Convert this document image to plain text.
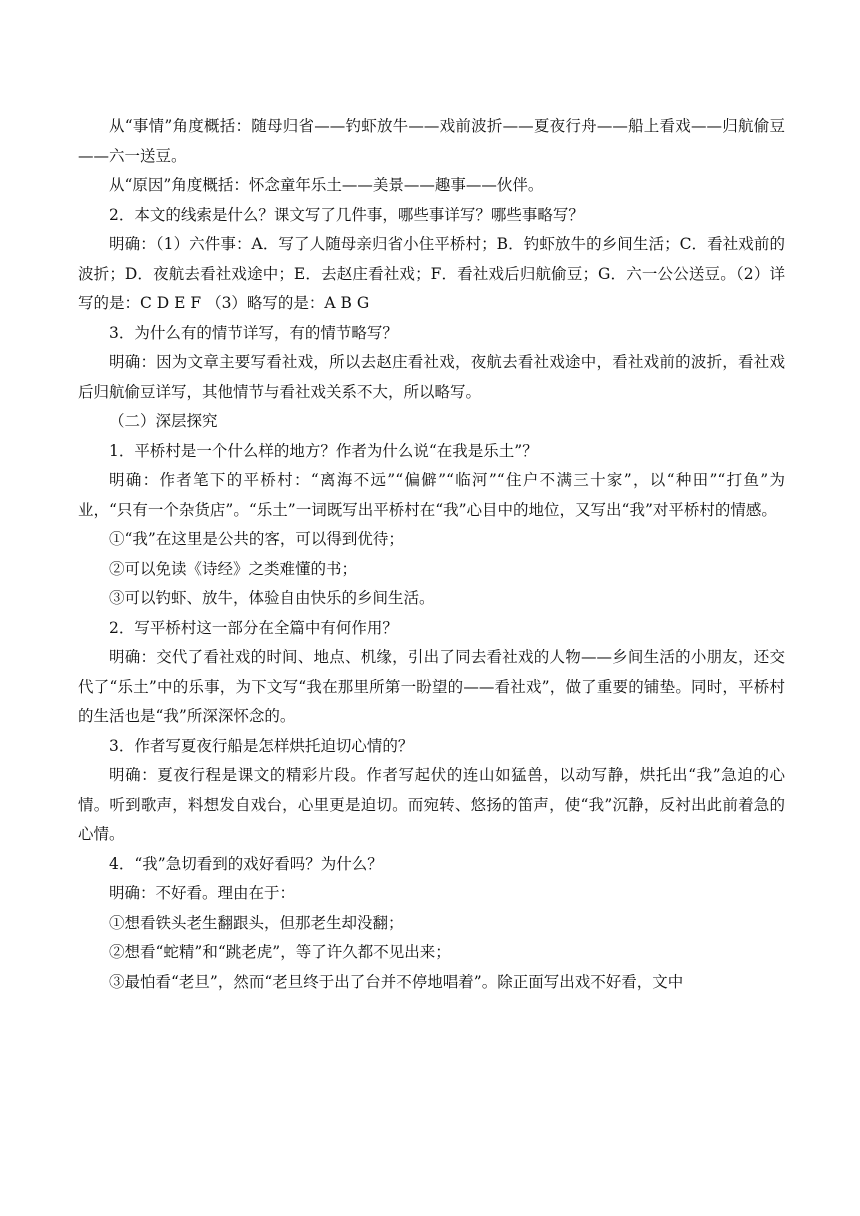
从“事情”角度概括：随母归省——钓虾放牛——戏前波折——夏夜行舟——船上看戏——归航偷豆——六一送豆。

从“原因”角度概括：怀念童年乐土——美景——趣事——伙伴。

2．本文的线索是什么？课文写了几件事，哪些事详写？哪些事略写？

明确：（1）六件事：A．写了人随母亲归省小住平桥村；B．钓虾放牛的乡间生活；C．看社戏前的波折；D．夜航去看社戏途中；E．去赵庄看社戏；F．看社戏后归航偷豆；G．六一公公送豆。（2）详写的是：C D E F （3）略写的是：A B G

3．为什么有的情节详写，有的情节略写？

明确：因为文章主要写看社戏，所以去赵庄看社戏，夜航去看社戏途中，看社戏前的波折，看社戏后归航偷豆详写，其他情节与看社戏关系不大，所以略写。

（二）深层探究

1．平桥村是一个什么样的地方？作者为什么说“在我是乐土”？

明确：作者笔下的平桥村：“离海不远”“偏僻”“临河”“住户不满三十家”，以“种田”“打鱼”为业，“只有一个杂货店”。“乐土”一词既写出平桥村在“我”心目中的地位，又写出“我”对平桥村的情感。

①“我”在这里是公共的客，可以得到优待；

②可以免读《诗经》之类难懂的书；

③可以钓虾、放牛，体验自由快乐的乡间生活。

2．写平桥村这一部分在全篇中有何作用？

明确：交代了看社戏的时间、地点、机缘，引出了同去看社戏的人物——乡间生活的小朋友，还交代了“乐土”中的乐事，为下文写“我在那里所第一盼望的——看社戏”，做了重要的铺垫。同时，平桥村的生活也是“我”所深深怀念的。

3．作者写夏夜行船是怎样烘托迫切心情的？

明确：夏夜行程是课文的精彩片段。作者写起伏的连山如猛兽，以动写静，烘托出“我”急迫的心情。听到歌声，料想发自戏台，心里更是迫切。而宛转、悠扬的笛声，使“我”沉静，反衬出此前着急的心情。

4．“我”急切看到的戏好看吗？为什么？

明确：不好看。理由在于：

①想看铁头老生翻跟头，但那老生却没翻；

②想看“蛇精”和“跳老虎”，等了许久都不见出来；

③最怕看“老旦”，然而“老旦终于出了台并不停地唱着”。除正面写出戏不好看，文中
